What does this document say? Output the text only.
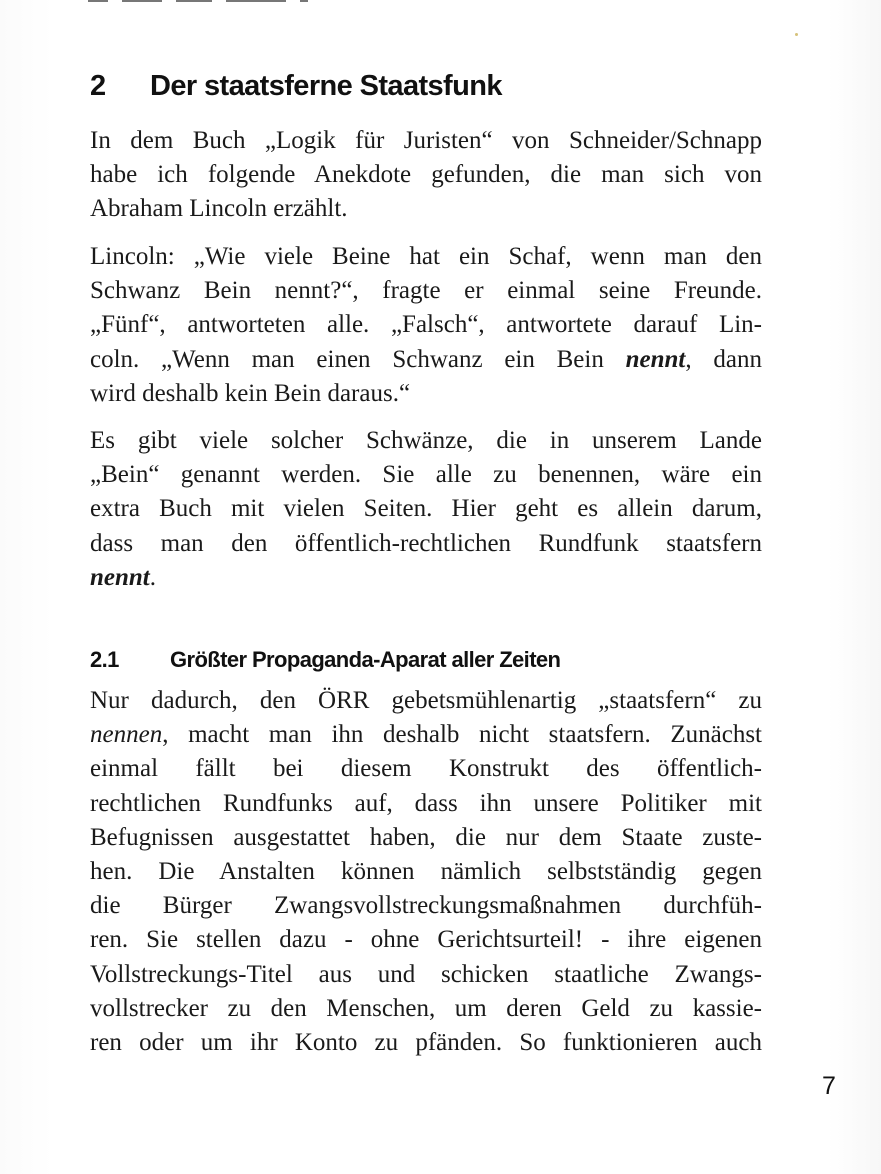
2 Der staatsferne Staatsfunk
In dem Buch „Logik für Juristen“ von Schneider/Schnapp
habe ich folgende Anekdote gefunden, die man sich von
Abraham Lincoln erzählt.
Lincoln: „Wie viele Beine hat ein Schaf, wenn man den
Schwanz Bein nennt?“, fragte er einmal seine Freunde.
„Fünf“, antworteten alle. „Falsch“, antwortete darauf Lin-
coln. „Wenn man einen Schwanz ein Bein nennt, dann
wird deshalb kein Bein daraus.“
Es gibt viele solcher Schwänze, die in unserem Lande
„Bein“ genannt werden. Sie alle zu benennen, wäre ein
extra Buch mit vielen Seiten. Hier geht es allein darum,
dass man den öffentlich-rechtlichen Rundfunk staatsfern
nennt.
2.1 Größter Propaganda-Aparat aller Zeiten
Nur dadurch, den ÖRR gebetsmühlenartig „staatsfern“ zu
nennen, macht man ihn deshalb nicht staatsfern. Zunächst
einmal fällt bei diesem Konstrukt des öffentlich-
rechtlichen Rundfunks auf, dass ihn unsere Politiker mit
Befugnissen ausgestattet haben, die nur dem Staate zuste-
hen. Die Anstalten können nämlich selbstständig gegen
die Bürger Zwangsvollstreckungsmaßnahmen durchfüh-
ren. Sie stellen dazu - ohne Gerichtsurteil! - ihre eigenen
Vollstreckungs-Titel aus und schicken staatliche Zwangs-
vollstrecker zu den Menschen, um deren Geld zu kassie-
ren oder um ihr Konto zu pfänden. So funktionieren auch
7
